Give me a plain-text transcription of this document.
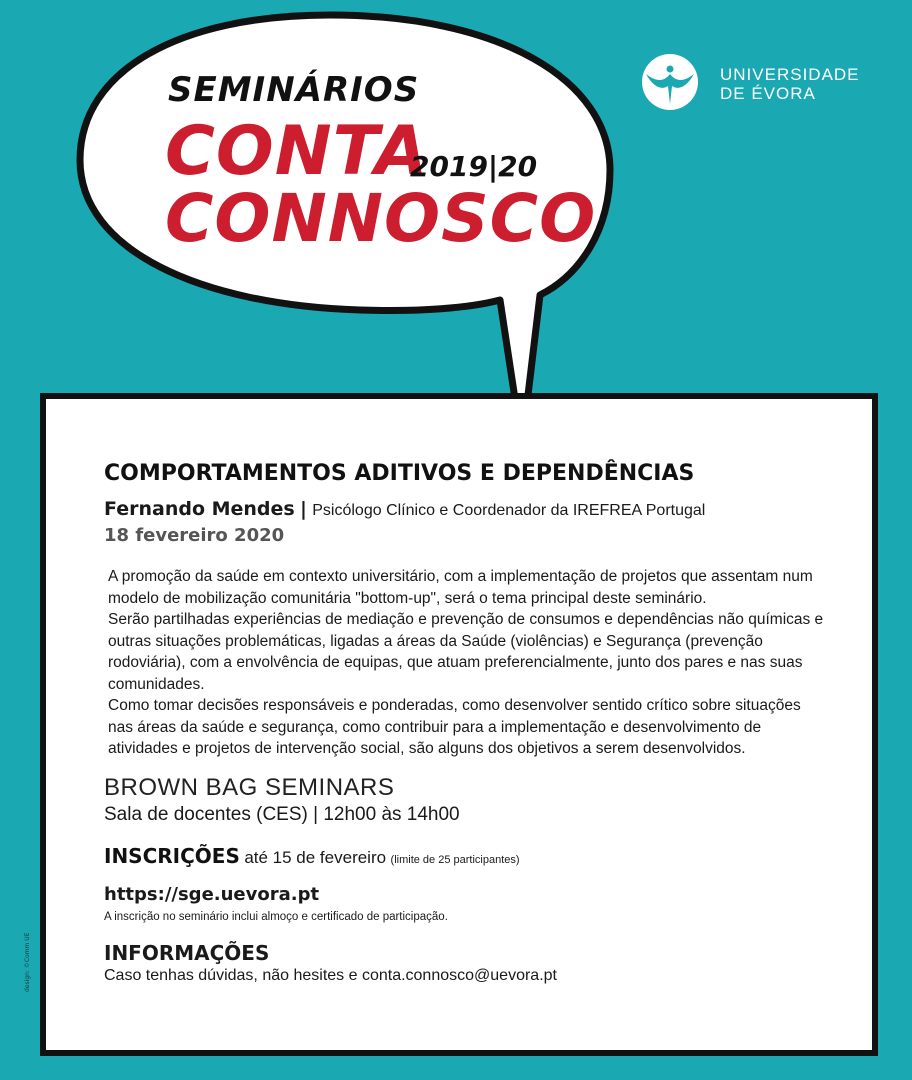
SEMINÁRIOS
CONTA
2019|20
CONNOSCO
UNIVERSIDADE
DE ÉVORA
COMPORTAMENTOS ADITIVOS E DEPENDÊNCIAS
Fernando Mendes | Psicólogo Clínico e Coordenador da IREFREA Portugal
18 fevereiro 2020

A promoção da saúde em contexto universitário, com a implementação de projetos que assentam num modelo de mobilização comunitária "bottom-up", será o tema principal deste seminário.

Serão partilhadas experiências de mediação e prevenção de consumos e dependências não químicas e outras situações problemáticas, ligadas a áreas da Saúde (violências) e Segurança (prevenção rodoviária), com a envolvência de equipas, que atuam preferencialmente, junto dos pares e nas suas comunidades.

Como tomar decisões responsáveis e ponderadas, como desenvolver sentido crítico sobre situações nas áreas da saúde e segurança, como contribuir para a implementação e desenvolvimento de atividades e projetos de intervenção social, são alguns dos objetivos a serem desenvolvidos.

BROWN BAG SEMINARS
Sala de docentes (CES) | 12h00 às 14h00
INSCRIÇÕES até 15 de fevereiro (limite de 25 participantes)
https://sge.uevora.pt
A inscrição no seminário inclui almoço e certificado de participação.
INFORMAÇÕES
Caso tenhas dúvidas, não hesites e conta.connosco@uevora.pt
design: ©Comm UE
